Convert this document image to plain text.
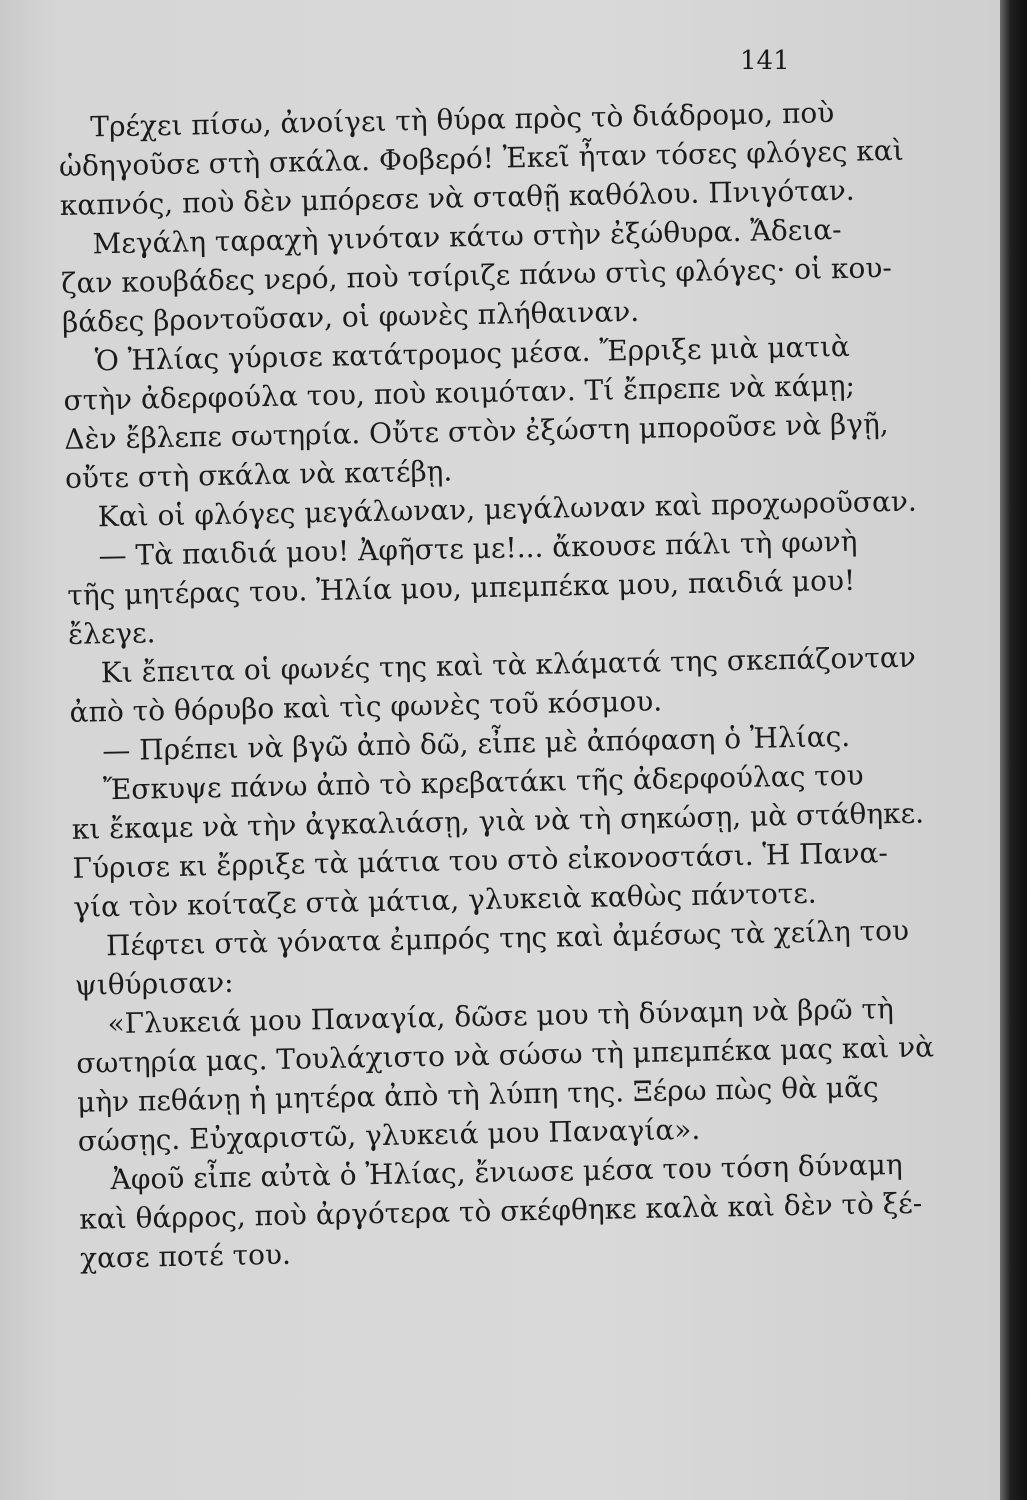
141
Τρέχει πίσω, ἀνοίγει τὴ θύρα πρὸς τὸ διάδρομο, ποὺ
ὡδηγοῦσε στὴ σκάλα. Φοβερό! Ἐκεῖ ἦταν τόσες φλόγες καὶ
καπνός, ποὺ δὲν μπόρεσε νὰ σταθῇ καθόλου. Πνιγόταν.
Μεγάλη ταραχὴ γινόταν κάτω στὴν ἐξώθυρα. Ἄδεια-
ζαν κουβάδες νερό, ποὺ τσίριζε πάνω στὶς φλόγες· οἱ κου-
βάδες βροντοῦσαν, οἱ φωνὲς πλήθαιναν.
Ὁ Ἠλίας γύρισε κατάτρομος μέσα. Ἔρριξε μιὰ ματιὰ
στὴν ἀδερφούλα του, ποὺ κοιμόταν. Τί ἔπρεπε νὰ κάμῃ;
Δὲν ἔβλεπε σωτηρία. Οὔτε στὸν ἐξώστη μποροῦσε νὰ βγῇ,
οὔτε στὴ σκάλα νὰ κατέβῃ.
Καὶ οἱ φλόγες μεγάλωναν, μεγάλωναν καὶ προχωροῦσαν.
— Τὰ παιδιά μου! Ἀφῆστε με!... ἄκουσε πάλι τὴ φωνὴ
τῆς μητέρας του. Ἠλία μου, μπεμπέκα μου, παιδιά μου!
ἔλεγε.
Κι ἔπειτα οἱ φωνές της καὶ τὰ κλάματά της σκεπάζονταν
ἀπὸ τὸ θόρυβο καὶ τὶς φωνὲς τοῦ κόσμου.
— Πρέπει νὰ βγῶ ἀπὸ δῶ, εἶπε μὲ ἀπόφαση ὁ Ἠλίας.
Ἔσκυψε πάνω ἀπὸ τὸ κρεβατάκι τῆς ἀδερφούλας του
κι ἔκαμε νὰ τὴν ἀγκαλιάσῃ, γιὰ νὰ τὴ σηκώσῃ, μὰ στάθηκε.
Γύρισε κι ἔρριξε τὰ μάτια του στὸ εἰκονοστάσι. Ἡ Πανα-
γία τὸν κοίταζε στὰ μάτια, γλυκειὰ καθὼς πάντοτε.
Πέφτει στὰ γόνατα ἐμπρός της καὶ ἀμέσως τὰ χείλη του
ψιθύρισαν:
«Γλυκειά μου Παναγία, δῶσε μου τὴ δύναμη νὰ βρῶ τὴ
σωτηρία μας. Τουλάχιστο νὰ σώσω τὴ μπεμπέκα μας καὶ νὰ
μὴν πεθάνῃ ἡ μητέρα ἀπὸ τὴ λύπη της. Ξέρω πὼς θὰ μᾶς
σώσῃς. Εὐχαριστῶ, γλυκειά μου Παναγία».
Ἀφοῦ εἶπε αὐτὰ ὁ Ἠλίας, ἔνιωσε μέσα του τόση δύναμη
καὶ θάρρος, ποὺ ἀργότερα τὸ σκέφθηκε καλὰ καὶ δὲν τὸ ξέ-
χασε ποτέ του.
